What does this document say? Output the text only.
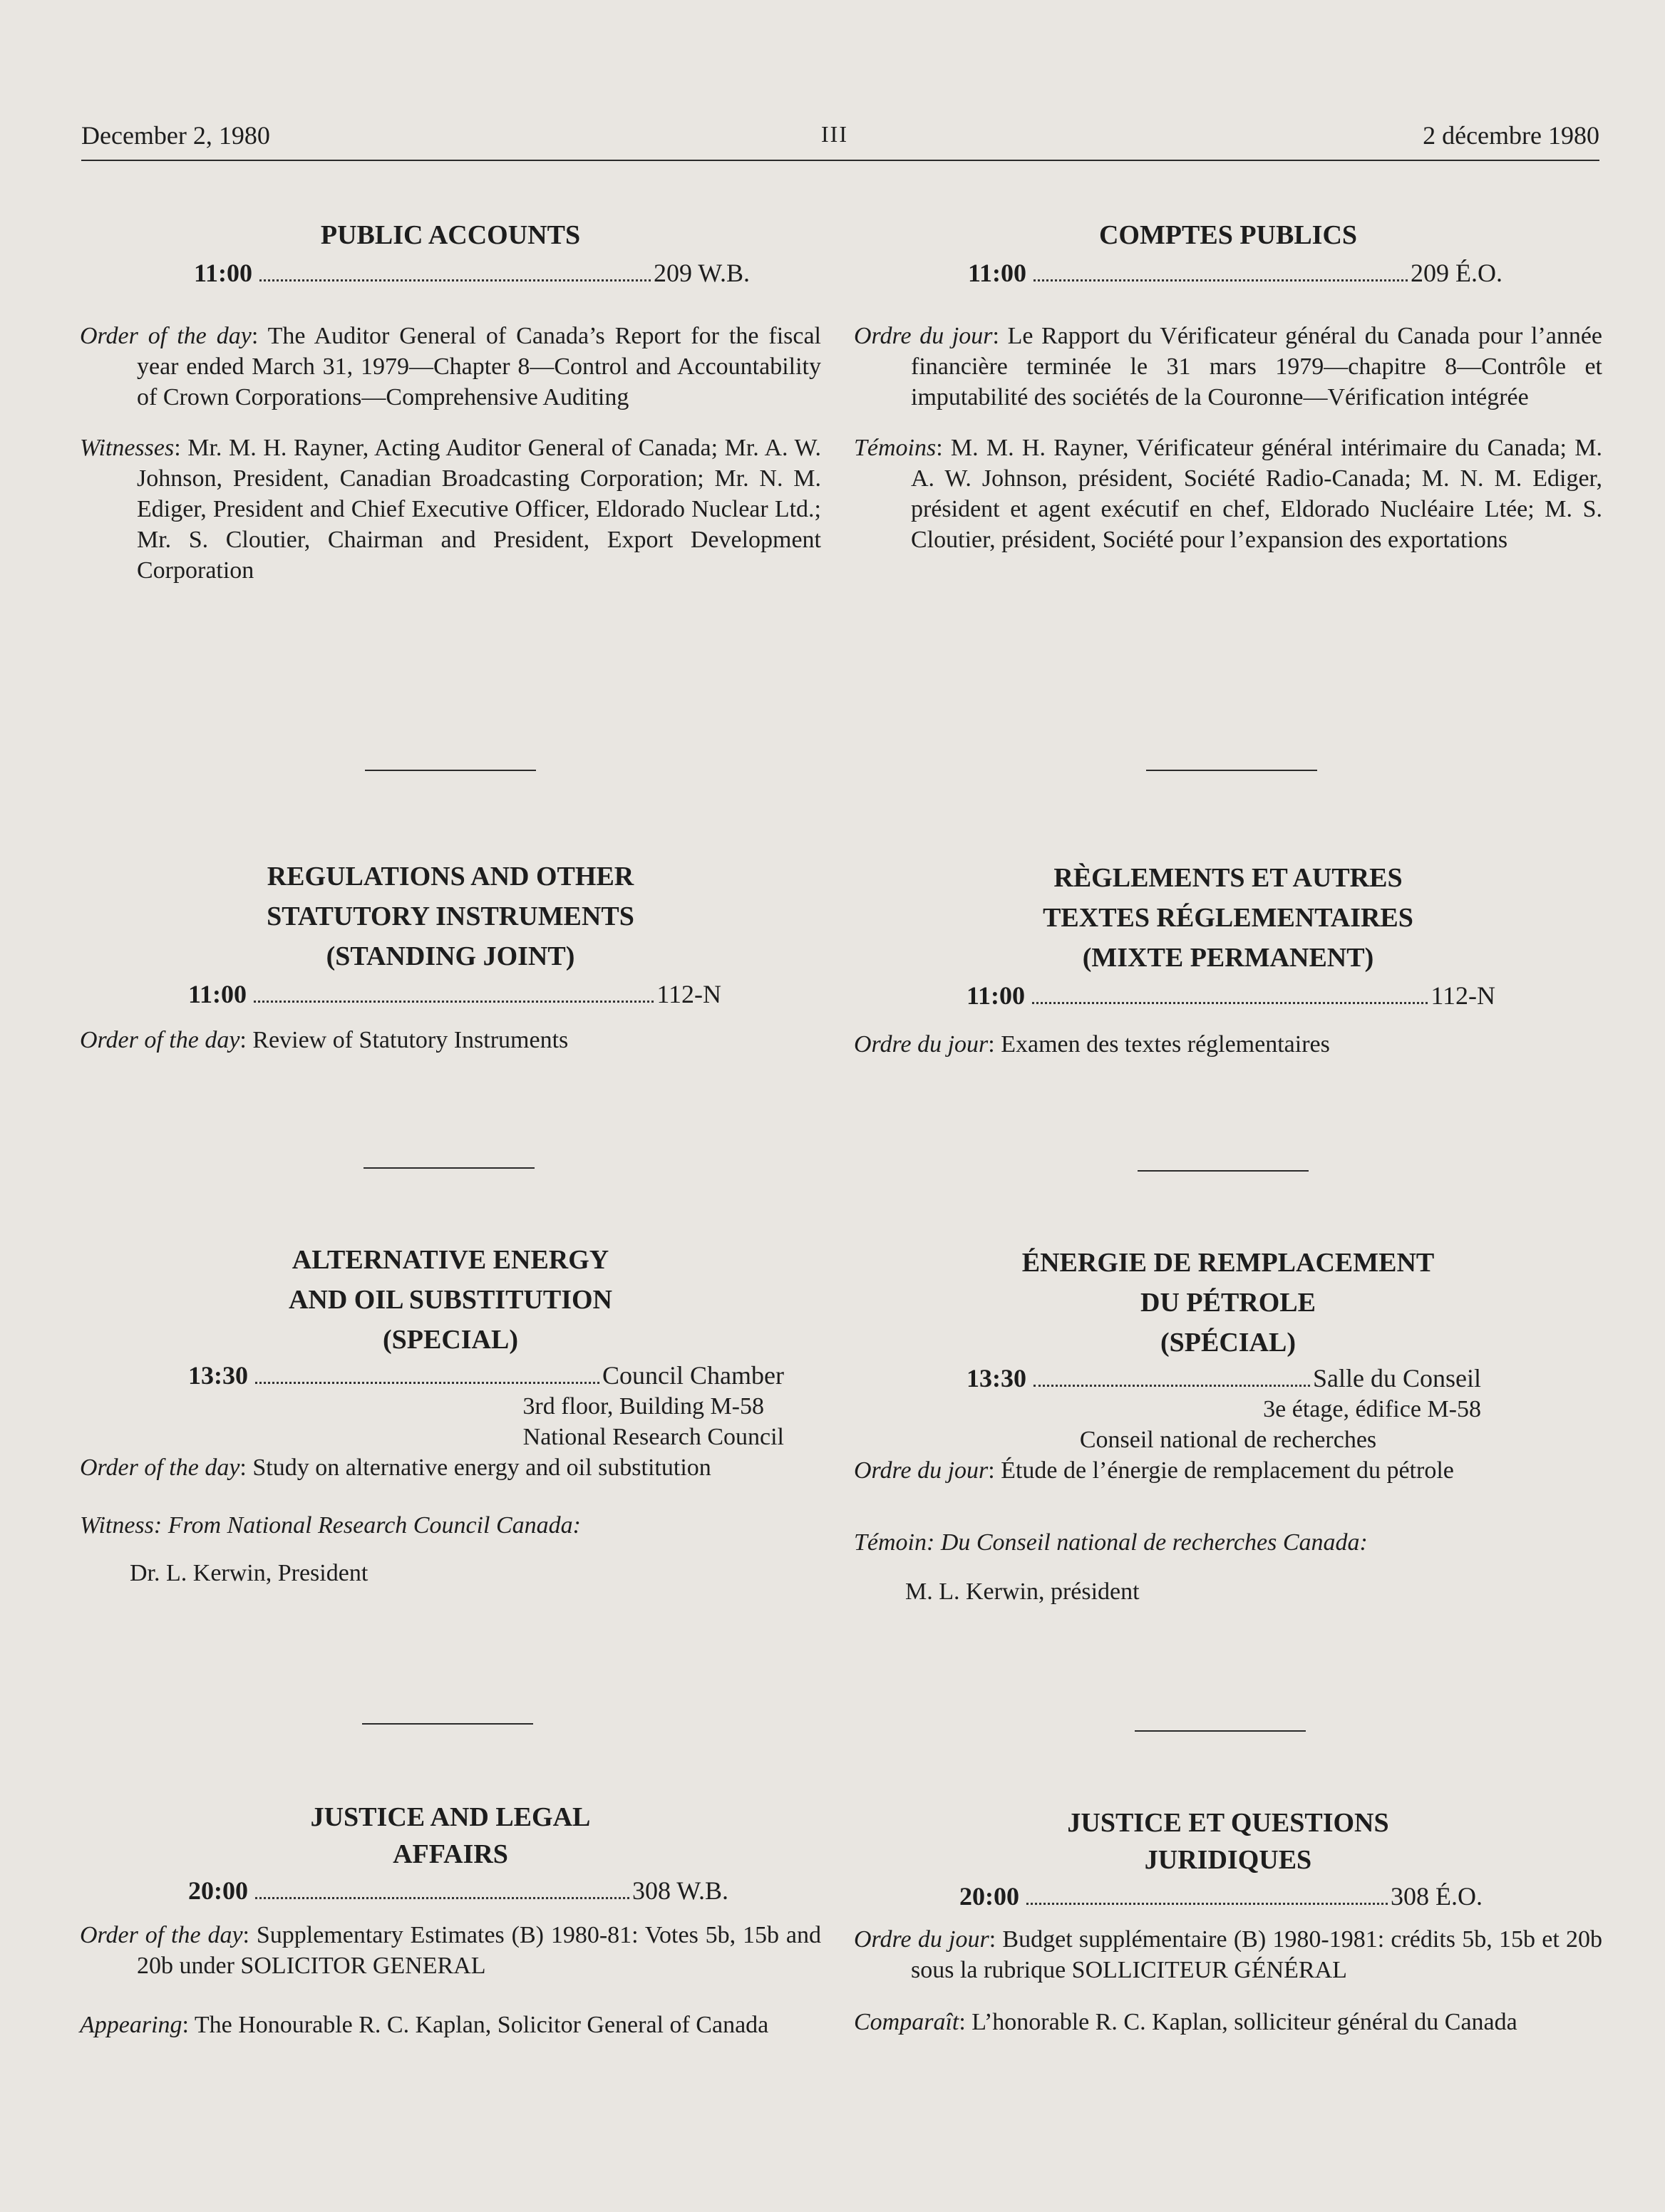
December 2, 1980	III	2 décembre 1980
PUBLIC ACCOUNTS
11:00	209 W.B.
Order of the day: The Auditor General of Canada’s Report for the fiscal year ended March 31, 1979—Chapter 8—Control and Accountability of Crown Corporations—Comprehensive Auditing
Witnesses: Mr. M. H. Rayner, Acting Auditor General of Canada; Mr. A. W. Johnson, President, Canadian Broadcasting Corporation; Mr. N. M. Ediger, President and Chief Executive Officer, Eldorado Nuclear Ltd.; Mr. S. Cloutier, Chairman and President, Export Development Corporation
REGULATIONS AND OTHER
STATUTORY INSTRUMENTS
(STANDING JOINT)
11:00	112-N
Order of the day: Review of Statutory Instruments
ALTERNATIVE ENERGY
AND OIL SUBSTITUTION
(SPECIAL)
13:30	Council Chamber
3rd floor, Building M-58
National Research Council
Order of the day: Study on alternative energy and oil substitution
Witness: From National Research Council Canada:
Dr. L. Kerwin, President
JUSTICE AND LEGAL
AFFAIRS
20:00	308 W.B.
Order of the day: Supplementary Estimates (B) 1980-81: Votes 5b, 15b and 20b under SOLICITOR GENERAL
Appearing: The Honourable R. C. Kaplan, Solicitor General of Canada
COMPTES PUBLICS
11:00	209 É.O.
Ordre du jour: Le Rapport du Vérificateur général du Canada pour l’année financière terminée le 31 mars 1979—chapitre 8—Contrôle et imputabilité des sociétés de la Couronne—Vérification intégrée
Témoins: M. M. H. Rayner, Vérificateur général intérimaire du Canada; M. A. W. Johnson, président, Société Radio-Canada; M. N. M. Ediger, président et agent exécutif en chef, Eldorado Nucléaire Ltée; M. S. Cloutier, président, Société pour l’expansion des exportations
RÈGLEMENTS ET AUTRES
TEXTES RÉGLEMENTAIRES
(MIXTE PERMANENT)
11:00	112-N
Ordre du jour: Examen des textes réglementaires
ÉNERGIE DE REMPLACEMENT
DU PÉTROLE
(SPÉCIAL)
13:30	Salle du Conseil
3e étage, édifice M-58
Conseil national de recherches
Ordre du jour: Étude de l’énergie de remplacement du pétrole
Témoin: Du Conseil national de recherches Canada:
M. L. Kerwin, président
JUSTICE ET QUESTIONS
JURIDIQUES
20:00	308 É.O.
Ordre du jour: Budget supplémentaire (B) 1980-1981: crédits 5b, 15b et 20b sous la rubrique SOLLICITEUR GÉNÉRAL
Comparaît: L’honorable R. C. Kaplan, solliciteur général du Canada
